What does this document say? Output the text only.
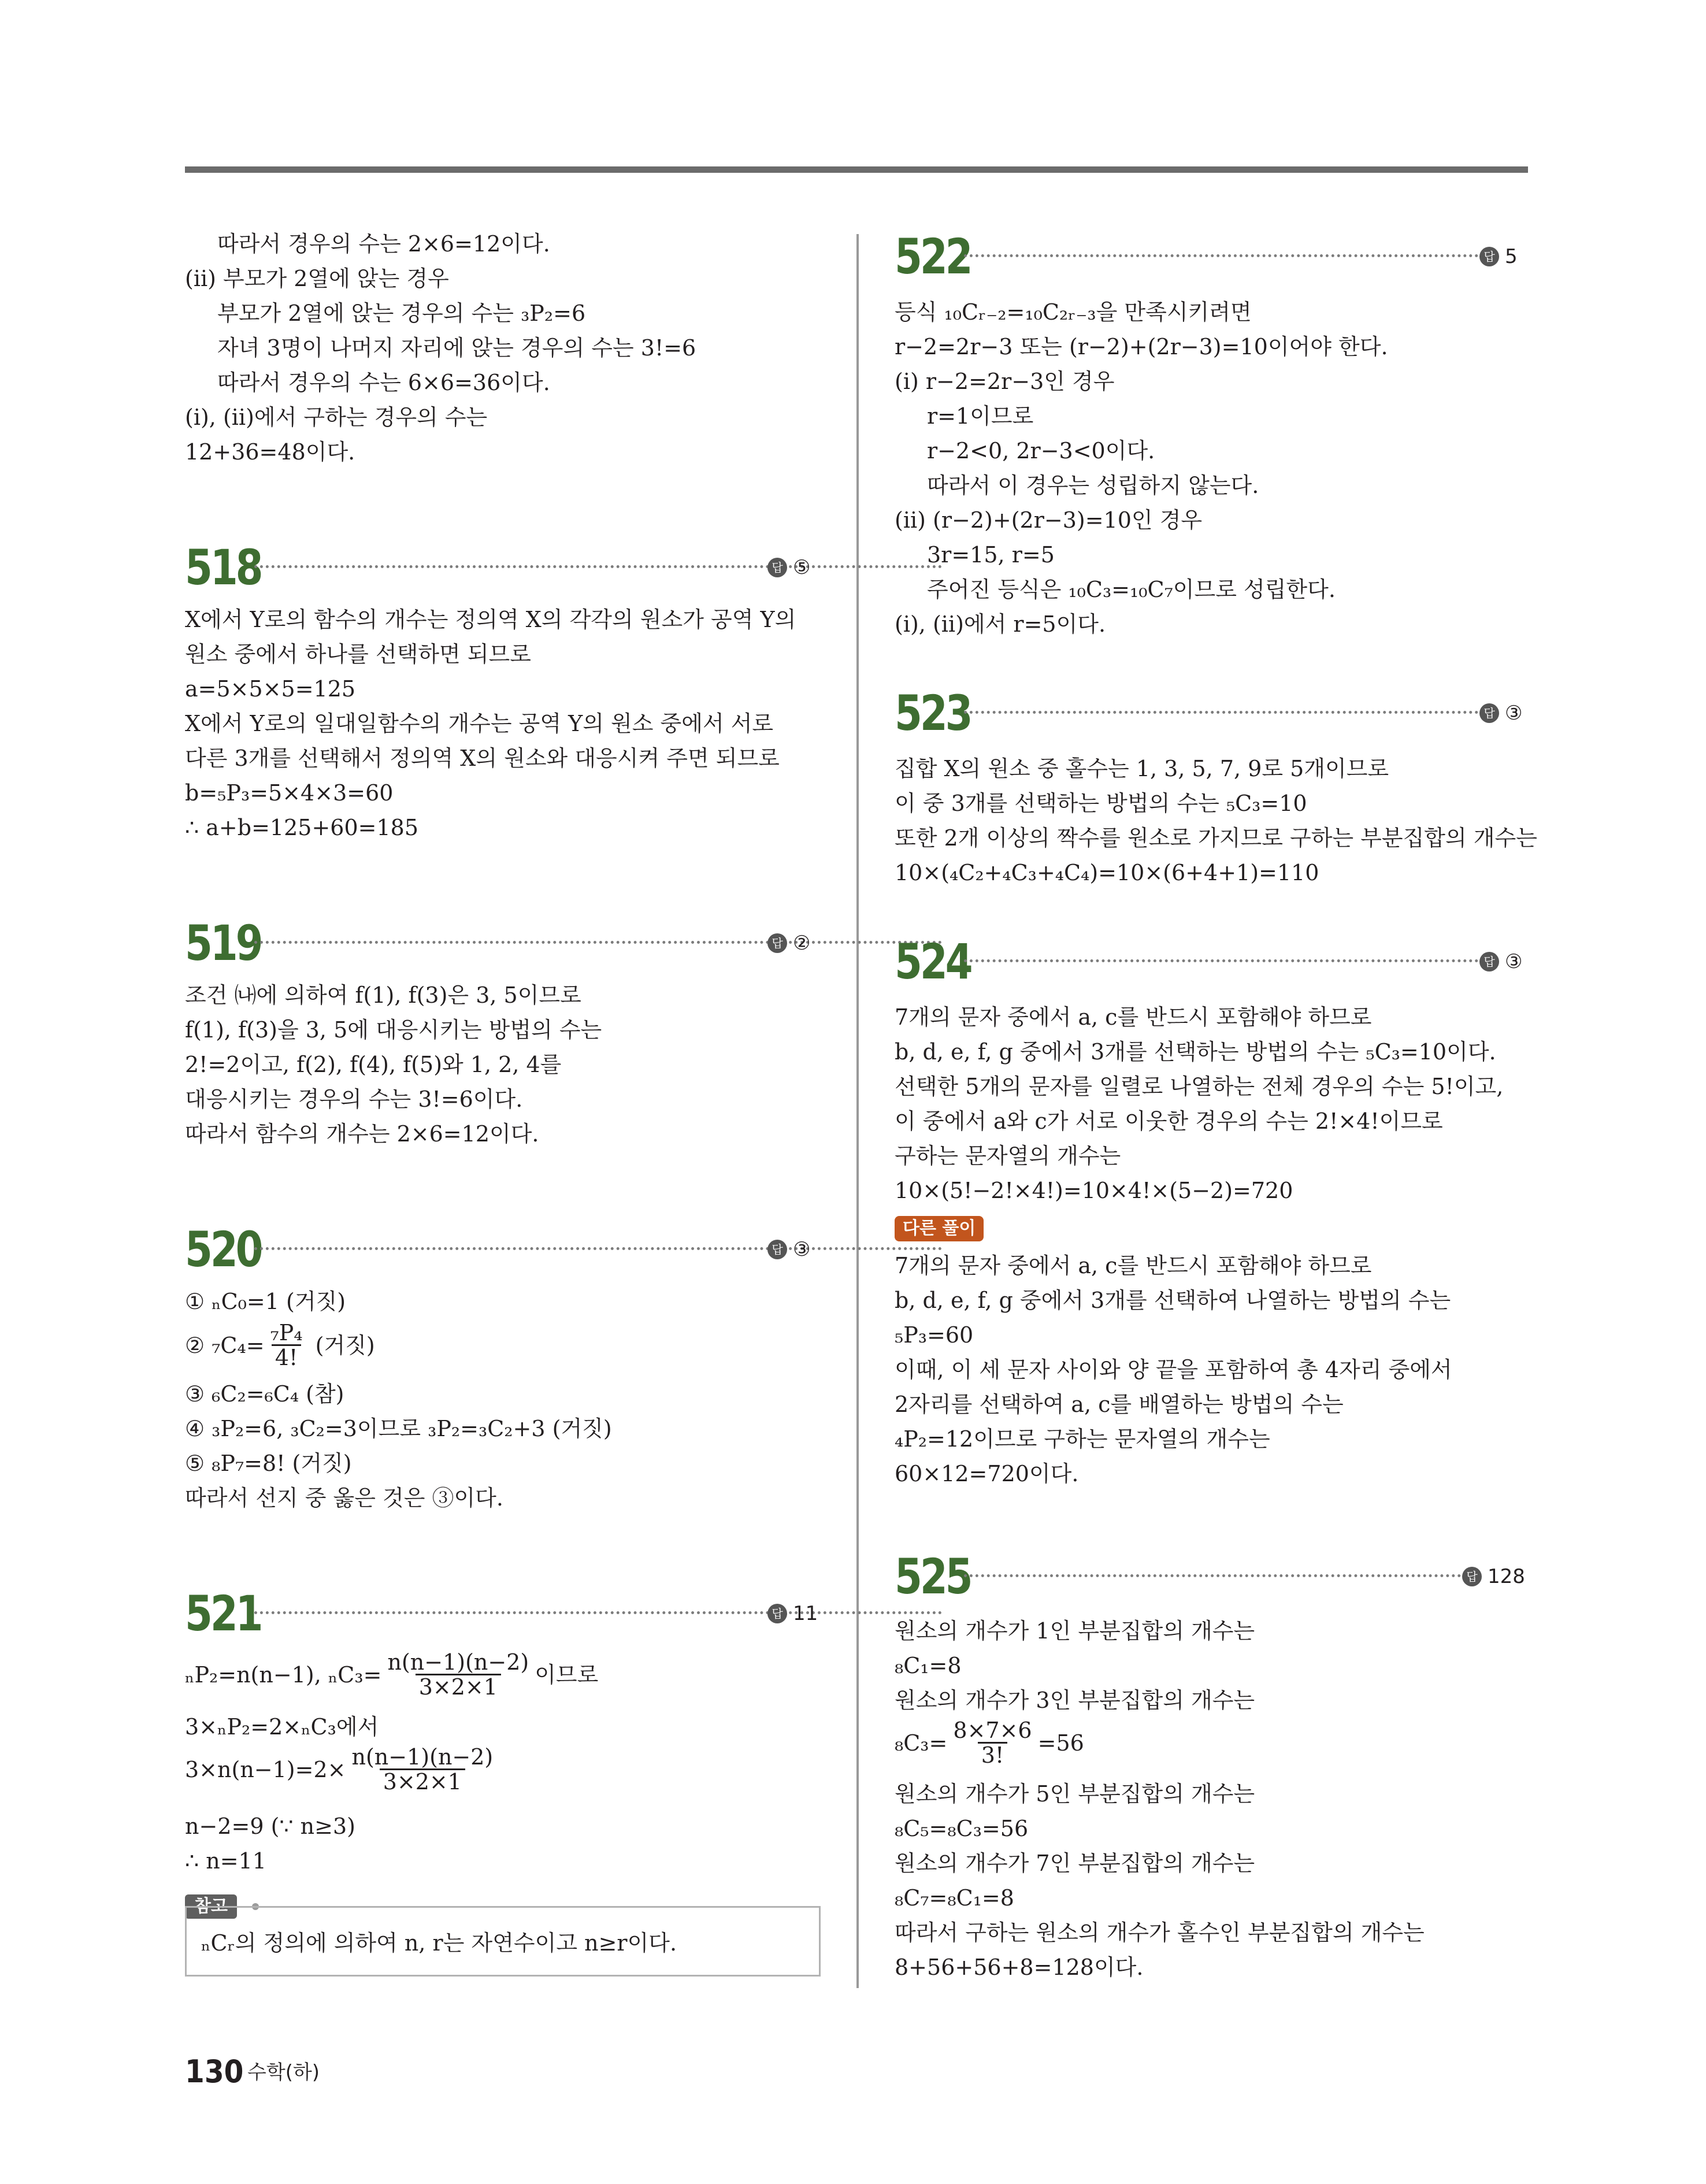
따라서 경우의 수는 2×6=12이다.
(ⅱ) 부모가 2열에 앉는 경우
부모가 2열에 앉는 경우의 수는 ₃P₂=6
자녀 3명이 나머지 자리에 앉는 경우의 수는 3!=6
따라서 경우의 수는 6×6=36이다.
(ⅰ), (ⅱ)에서 구하는 경우의 수는
12+36=48이다.
518	답 ⑤
X에서 Y로의 함수의 개수는 정의역 X의 각각의 원소가 공역 Y의
원소 중에서 하나를 선택하면 되므로
a=5×5×5=125
X에서 Y로의 일대일함수의 개수는 공역 Y의 원소 중에서 서로
다른 3개를 선택해서 정의역 X의 원소와 대응시켜 주면 되므로
b=₅P₃=5×4×3=60
∴ a+b=125+60=185
519	답 ②
조건 ㈏에 의하여 f(1), f(3)은 3, 5이므로
f(1), f(3)을 3, 5에 대응시키는 방법의 수는
2!=2이고, f(2), f(4), f(5)와 1, 2, 4를
대응시키는 경우의 수는 3!=6이다.
따라서 함수의 개수는 2×6=12이다.
520	답 ③
① ₙC₀=1 (거짓)
② $_7C_4= \frac{\text{₇P₄}}{4!}$ (거짓)
③ ₆C₂=₆C₄ (참)
④ ₃P₂=6, ₃C₂=3이므로 ₃P₂=₃C₂+3 (거짓)
⑤ ₈P₇=8! (거짓)
따라서 선지 중 옳은 것은 ③이다.
521	답 11
ₙP₂=n(n−1), $_nC_3= \frac{n(n-1)(n-2)}{3\times 2\times 1}$ 이므로
3×ₙP₂=2×ₙC₃에서
$3\times n(n-1)=2\times \frac{n(n-1)(n-2)}{3\times 2\times 1}$
n−2=9 (∵ n≥3)
∴ n=11
참고
ₙCᵣ의 정의에 의하여 n, r는 자연수이고 n≥r이다.
522	답 5
등식 ₁₀Cᵣ₋₂=₁₀C₂ᵣ₋₃을 만족시키려면
r−2=2r−3 또는 (r−2)+(2r−3)=10이어야 한다.
(ⅰ) r−2=2r−3인 경우
r=1이므로
r−2<0, 2r−3<0이다.
따라서 이 경우는 성립하지 않는다.
(ⅱ) (r−2)+(2r−3)=10인 경우
3r=15, r=5
주어진 등식은 ₁₀C₃=₁₀C₇이므로 성립한다.
(ⅰ), (ⅱ)에서 r=5이다.
523	답 ③
집합 X의 원소 중 홀수는 1, 3, 5, 7, 9로 5개이므로
이 중 3개를 선택하는 방법의 수는 ₅C₃=10
또한 2개 이상의 짝수를 원소로 가지므로 구하는 부분집합의 개수는
10×(₄C₂+₄C₃+₄C₄)=10×(6+4+1)=110
524	답 ③
7개의 문자 중에서 a, c를 반드시 포함해야 하므로
b, d, e, f, g 중에서 3개를 선택하는 방법의 수는 ₅C₃=10이다.
선택한 5개의 문자를 일렬로 나열하는 전체 경우의 수는 5!이고,
이 중에서 a와 c가 서로 이웃한 경우의 수는 2!×4!이므로
구하는 문자열의 개수는
10×(5!−2!×4!)=10×4!×(5−2)=720
다른 풀이
7개의 문자 중에서 a, c를 반드시 포함해야 하므로
b, d, e, f, g 중에서 3개를 선택하여 나열하는 방법의 수는
₅P₃=60
이때, 이 세 문자 사이와 양 끝을 포함하여 총 4자리 중에서
2자리를 선택하여 a, c를 배열하는 방법의 수는
₄P₂=12이므로 구하는 문자열의 개수는
60×12=720이다.
525	답 128
원소의 개수가 1인 부분집합의 개수는
₈C₁=8
원소의 개수가 3인 부분집합의 개수는
$_8C_3= \frac{8\times 7\times 6}{3!} =56$
원소의 개수가 5인 부분집합의 개수는
₈C₅=₈C₃=56
원소의 개수가 7인 부분집합의 개수는
₈C₇=₈C₁=8
따라서 구하는 원소의 개수가 홀수인 부분집합의 개수는
8+56+56+8=128이다.
130 수학(하)
